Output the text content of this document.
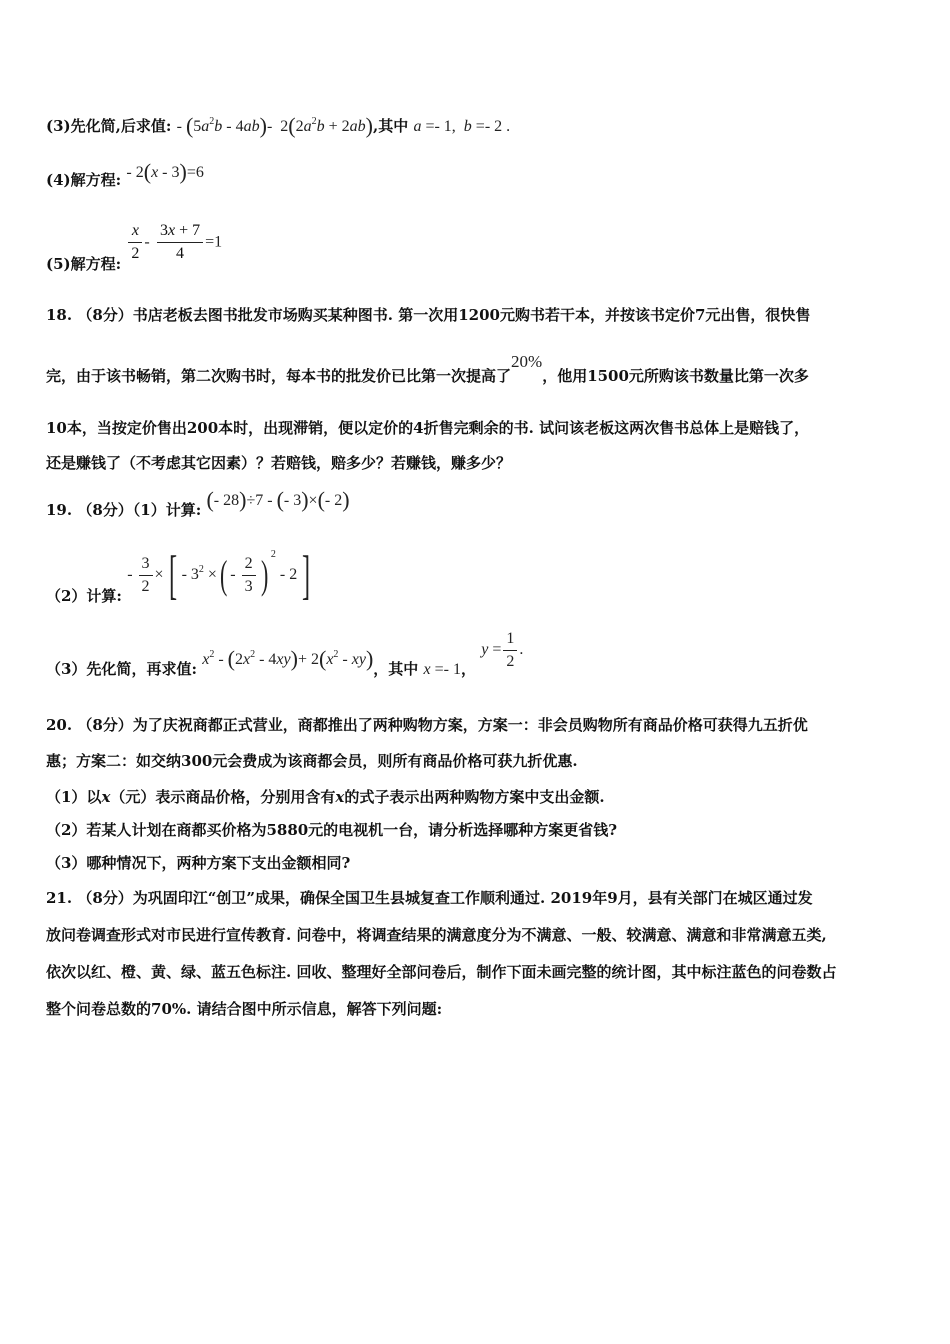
(3)先化简,后求值: - $(5a^2b - 4ab)-$  $2(2a^2b + 2ab)$,其中 a =- 1,  b =- 2 .
(4)解方程: - 2(x - 3)=6
(5)解方程:
$\frac{x}{2} - \frac{3x + 7}{4} =1$
18. （8分）书店老板去图书批发市场购买某种图书. 第一次用1200元购书若干本，并按该书定价7元出售，很快售
完，由于该书畅销，第二次购书时，每本书的批发价已比第一次提高了20%，他用1500元所购该书数量比第一次多
10本，当按定价售出200本时，出现滞销，便以定价的4折售完剩余的书. 试问该老板这两次售书总体上是赔钱了，
还是赚钱了（不考虑其它因素）？若赔钱，赔多少？若赚钱，赚多少？
19. （8分）（1）计算: (- 28)÷7 - (- 3)×(- 2)
（2）计算: - $\frac{3}{2}$ ×[ - $3^2$ ×( - $\frac{2}{3}$ ) $^2$ - 2]
（3）先化简，再求值: $x^2 - (2x^2 - 4xy)+ 2(x^2 - xy)$，其中 x =- 1， $y = \frac{1}{2}$ .
20. （8分）为了庆祝商都正式营业，商都推出了两种购物方案，方案一：非会员购物所有商品价格可获得九五折优
惠；方案二：如交纳300元会费成为该商都会员，则所有商品价格可获九折优惠.
（1）以x（元）表示商品价格，分别用含有x的式子表示出两种购物方案中支出金额.
（2）若某人计划在商都买价格为5880元的电视机一台，请分析选择哪种方案更省钱?
（3）哪种情况下，两种方案下支出金额相同?
21. （8分）为巩固印江“创卫”成果，确保全国卫生县城复查工作顺利通过. 2019年9月，县有关部门在城区通过发
放问卷调查形式对市民进行宣传教育. 问卷中，将调查结果的满意度分为不满意、一般、较满意、满意和非常满意五类,
依次以红、橙、黄、绿、蓝五色标注. 回收、整理好全部问卷后，制作下面未画完整的统计图，其中标注蓝色的问卷数占
整个问卷总数的70%. 请结合图中所示信息，解答下列问题:
